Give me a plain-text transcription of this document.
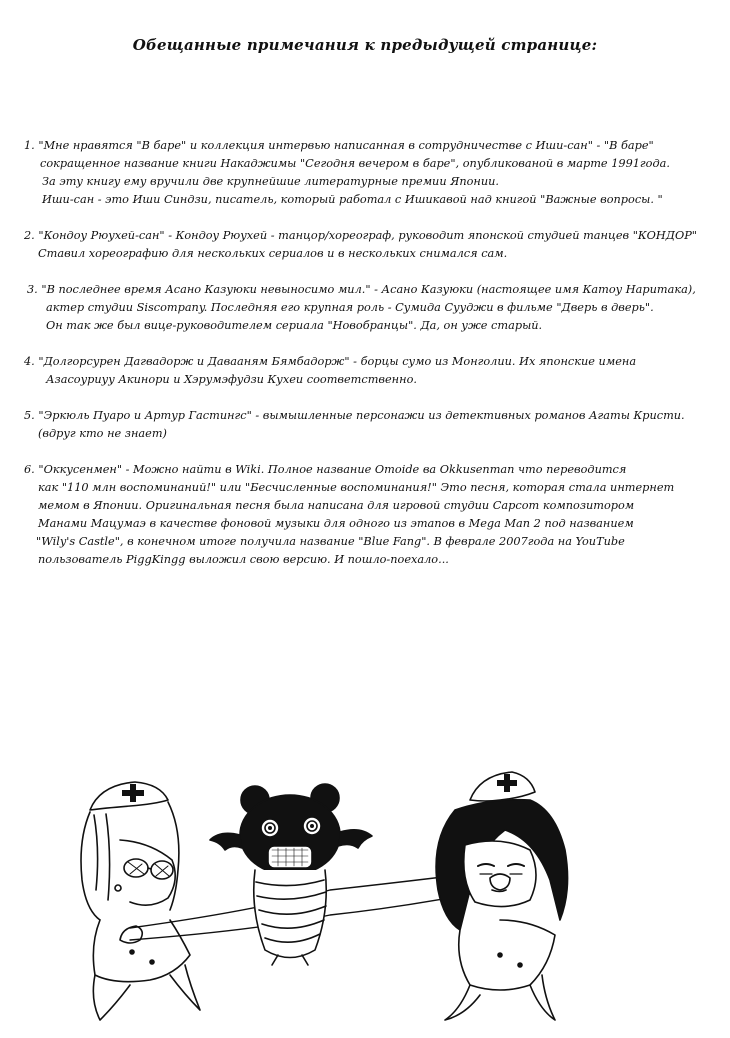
Обещанные примечания к предыдущей странице:
1. "Мне нравятся "В баре" и коллекция интервью написанная в сотрудничестве с Иши-сан" - "В баре"
сокращенное название книги Накаджимы "Сегодня вечером в баре", опубликованой в марте 1991года.
За эту книгу ему вручили две крупнейшие литературные премии Японии.
Иши-сан - это Иши Синдзи, писатель, который работал с Ишикавой над книгой "Важные вопросы. "
2. "Кондоу Рюухей-сан" - Кондоу Рюухей - танцор/хореограф, руководит японской студией танцев "КОНДОР"
Ставил хореографию для нескольких сериалов и в нескольких снимался сам.
3. "В последнее время Асано Казуюки невыносимо мил." - Асано Казуюки (настоящее имя Катоу Наритака),
актер студии Siscompany. Последняя его крупная роль - Сумида Сууджи в фильме "Дверь в дверь".
Он так же был вице-руководителем сериала "Новобранцы". Да, он уже старый.
4. "Долгорсурен Дагвадорж и Давааням Бямбадорж" - борцы сумо из Монголии. Их японские имена
Азасоуриуу Акинори и Хэрумэфудзи Кухеи соответственно.
5. "Эркюль Пуаро и Артур Гастингс" - вымышленные персонажи из детективных романов Агаты Кристи.
(вдруг кто не знает)
6. "Оккусенмен" - Можно найти в Wiki. Полное название Omoide ва Okkusenman что переводится
как "110 млн воспоминаний!" или "Бесчисленные воспоминания!" Это песня, которая стала интернет
мемом в Японии. Оригинальная песня была написана для игровой студии Capcom композитором
Манами Мацумаэ в качестве фоновой музыки для одного из этапов в Mega Man 2 под названием
"Wily's Castle", в конечном итоге получила название "Blue Fang". В феврале 2007года на YouTube
пользователь PiggKingg выложил свою версию. И пошло-поехало...
